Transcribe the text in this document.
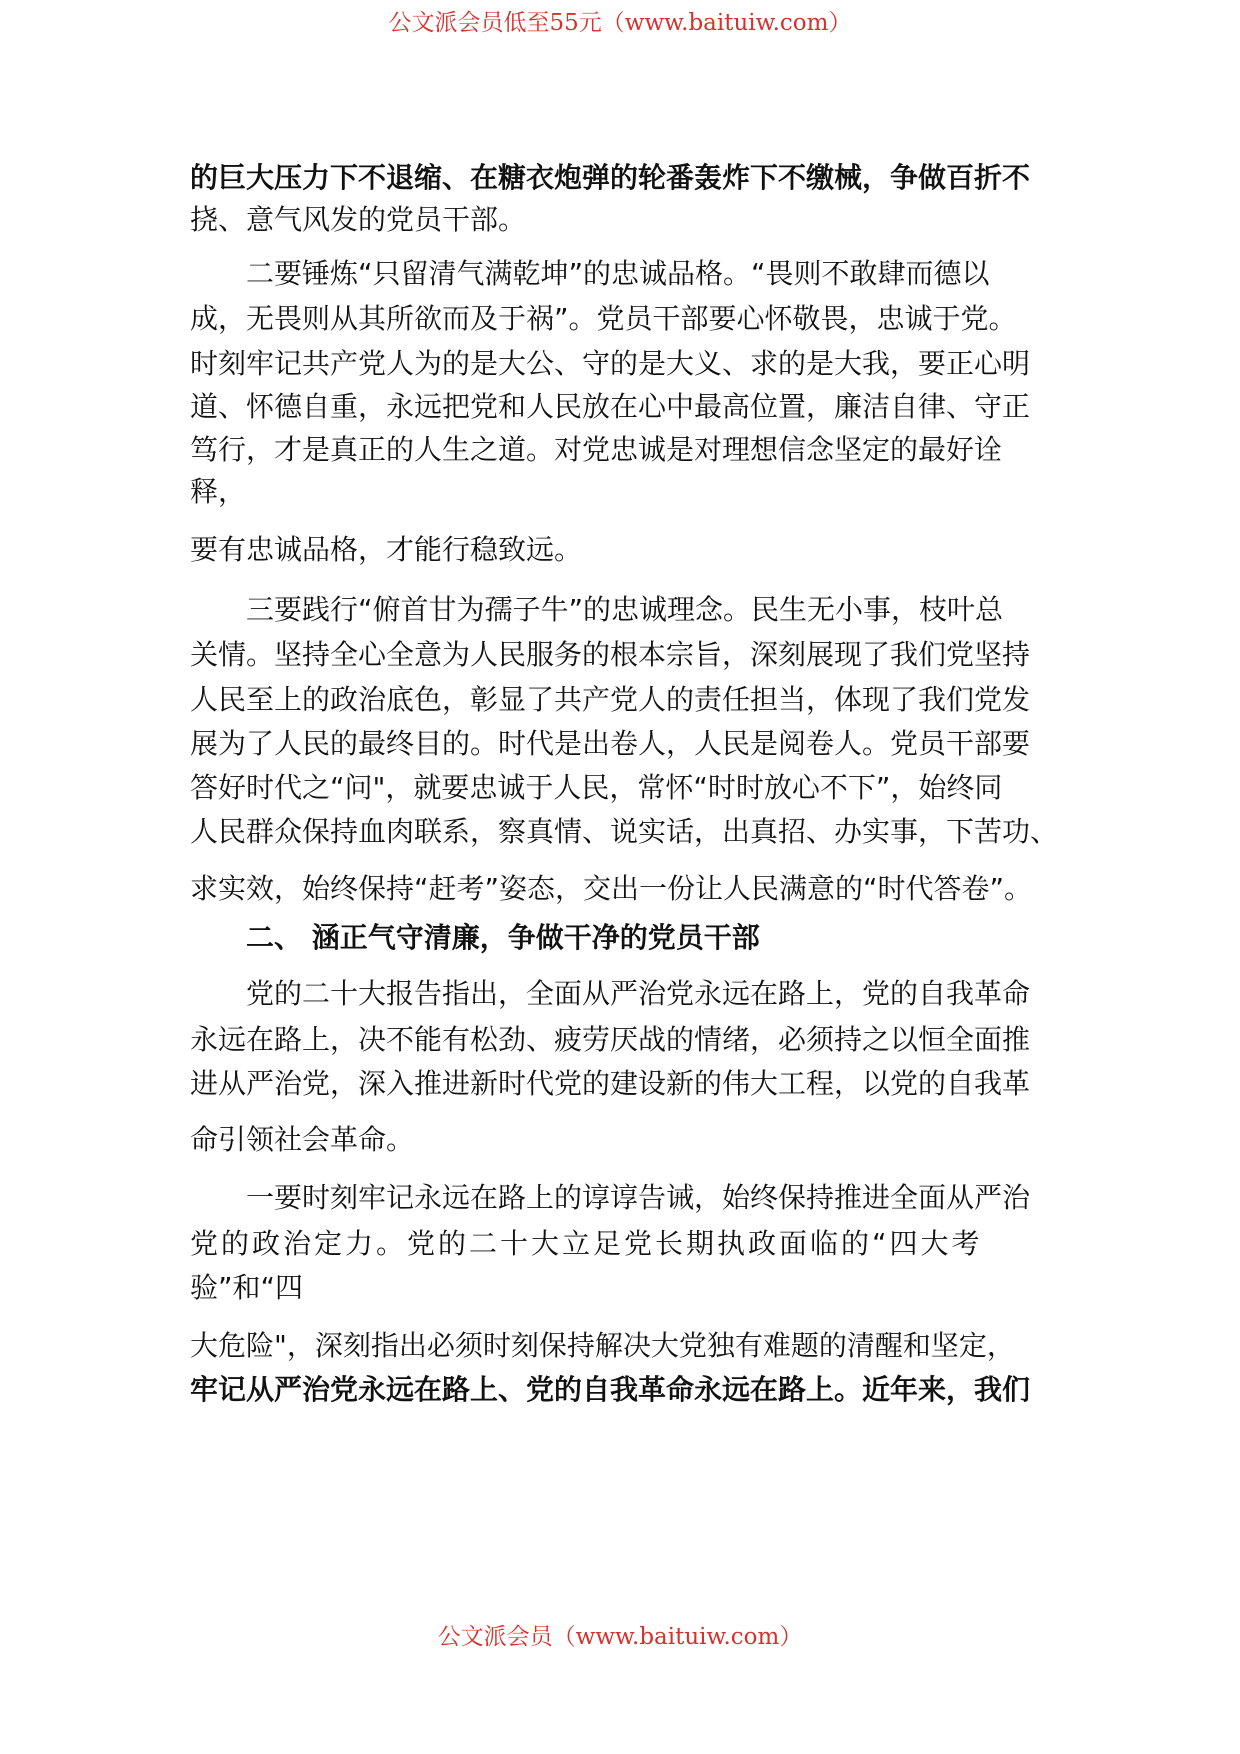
公文派会员低至55元（www.baituiw.com）
的巨大压力下不退缩、在糖衣炮弹的轮番轰炸下不缴械，争做百折不
挠、意气风发的党员干部。
二要锤炼“只留清气满乾坤”的忠诚品格。“畏则不敢肆而德以
成，无畏则从其所欲而及于祸”。党员干部要心怀敬畏，忠诚于党。
时刻牢记共产党人为的是大公、守的是大义、求的是大我，要正心明
道、怀德自重，永远把党和人民放在心中最高位置，廉洁自律、守正
笃行，才是真正的人生之道。对党忠诚是对理想信念坚定的最好诠
释，
要有忠诚品格，才能行稳致远。
三要践行“俯首甘为孺子牛”的忠诚理念。民生无小事，枝叶总
关情。坚持全心全意为人民服务的根本宗旨，深刻展现了我们党坚持
人民至上的政治底色，彰显了共产党人的责任担当，体现了我们党发
展为了人民的最终目的。时代是出卷人，人民是阅卷人。党员干部要
答好时代之“问"，就要忠诚于人民，常怀“时时放心不下”，始终同
人民群众保持血肉联系，察真情、说实话，出真招、办实事，下苦功、
求实效，始终保持“赶考”姿态，交出一份让人民满意的“时代答卷”。
二、 涵正气守清廉，争做干净的党员干部
党的二十大报告指出，全面从严治党永远在路上，党的自我革命
永远在路上，决不能有松劲、疲劳厌战的情绪，必须持之以恒全面推
进从严治党，深入推进新时代党的建设新的伟大工程，以党的自我革
命引领社会革命。
一要时刻牢记永远在路上的谆谆告诫，始终保持推进全面从严治
党的政治定力。党的二十大立足党长期执政面临的“四大考
验”和“四
大危险"，深刻指出必须时刻保持解决大党独有难题的清醒和坚定，
牢记从严治党永远在路上、党的自我革命永远在路上。近年来，我们
公文派会员（www.baituiw.com）
